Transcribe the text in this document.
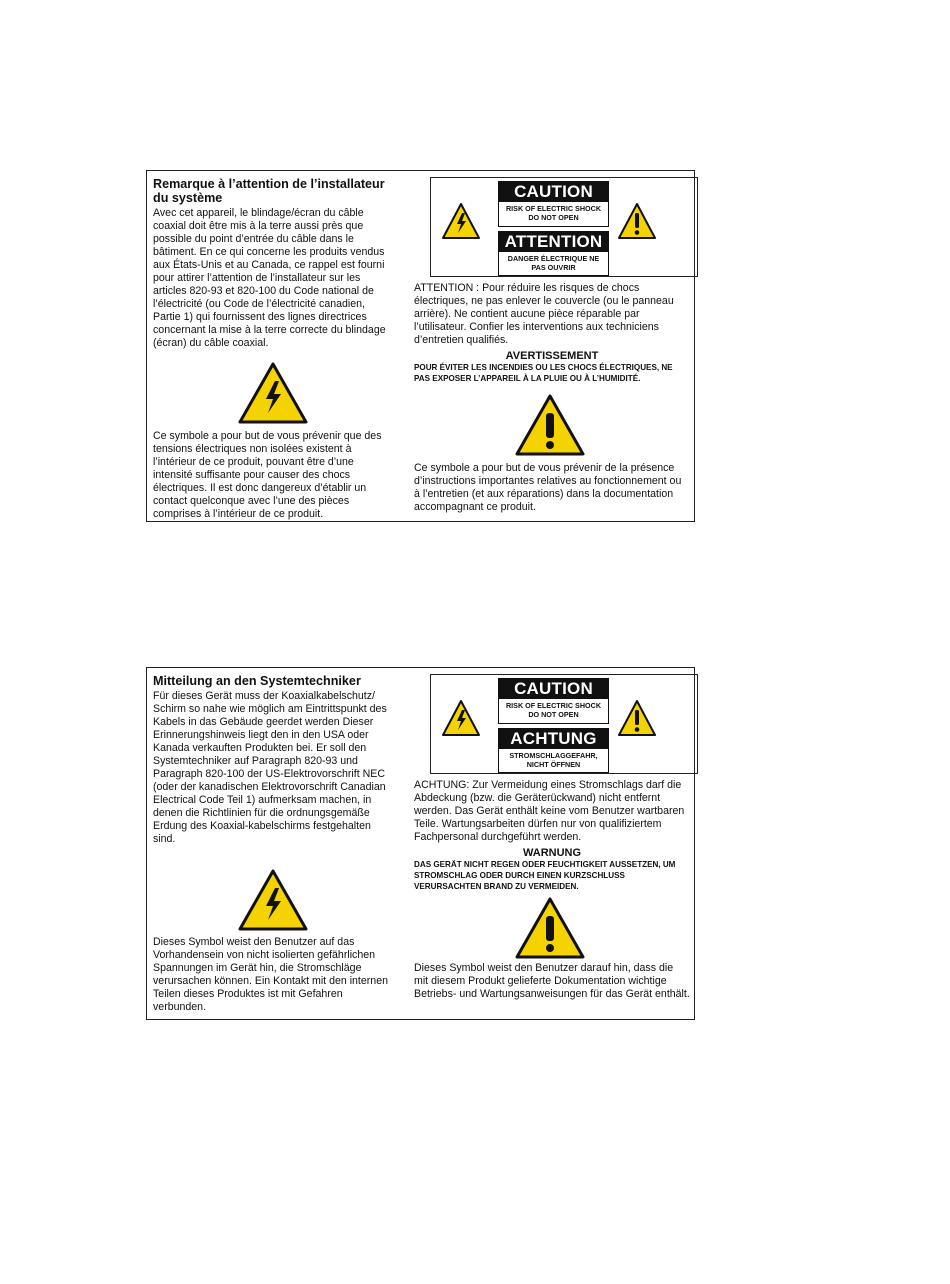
Remarque à l’attention de l’installateur du système
Avec cet appareil, le blindage/écran du câble coaxial doit être mis à la terre aussi près que possible du point d’entrée du câble dans le bâtiment. En ce qui concerne les produits vendus aux États-Unis et au Canada, ce rappel est fourni pour attirer l’attention de l’installateur sur les articles 820-93 et 820-100 du Code national de l’électricité (ou Code de l’électricité canadien, Partie 1) qui fournissent des lignes directrices concernant la mise à la terre correcte du blindage (écran) du câble coaxial.
Ce symbole a pour but de vous prévenir que des tensions électriques non isolées existent à l’intérieur de ce produit, pouvant être d’une intensité suffisante pour causer des chocs électriques. Il est donc dangereux d’établir un contact quelconque avec l’une des pièces comprises à l’intérieur de ce produit.
CAUTION
RISK OF ELECTRIC SHOCK DO NOT OPEN
ATTENTION
DANGER ÉLECTRIQUE NE PAS OUVRIR
ATTENTION : Pour réduire les risques de chocs électriques, ne pas enlever le couvercle (ou le panneau arrière). Ne contient aucune pièce réparable par l’utilisateur. Confier les interventions aux techniciens d’entretien qualifiés.
AVERTISSEMENT
POUR ÉVITER LES INCENDIES OU LES CHOCS ÉLECTRIQUES, NE PAS EXPOSER L’APPAREIL À LA PLUIE OU À L’HUMIDITÉ.
Ce symbole a pour but de vous prévenir de la présence d’instructions importantes relatives au fonctionnement ou à l’entretien (et aux réparations) dans la documentation accompagnant ce produit.
Mitteilung an den Systemtechniker
Für dieses Gerät muss der Koaxialkabelschutz/ Schirm so nahe wie möglich am Eintrittspunkt des Kabels in das Gebäude geerdet werden Dieser Erinnerungshinweis liegt den in den USA oder Kanada verkauften Produkten bei. Er soll den Systemtechniker auf Paragraph 820-93 und Paragraph 820-100 der US-Elektrovorschrift NEC (oder der kanadischen Elektrovorschrift Canadian Electrical Code Teil 1) aufmerksam machen, in denen die Richtlinien für die ordnungsgemäße Erdung des Koaxial-kabelschirms festgehalten sind.
Dieses Symbol weist den Benutzer auf das Vorhandensein von nicht isolierten gefährlichen Spannungen im Gerät hin, die Stromschläge verursachen können. Ein Kontakt mit den internen Teilen dieses Produktes ist mit Gefahren verbunden.
CAUTION
RISK OF ELECTRIC SHOCK DO NOT OPEN
ACHTUNG
STROMSCHLAGGEFAHR, NICHT ÖFFNEN
ACHTUNG: Zur Vermeidung eines Stromschlags darf die Abdeckung (bzw. die Geräterückwand) nicht entfernt werden. Das Gerät enthält keine vom Benutzer wartbaren Teile. Wartungsarbeiten dürfen nur von qualifiziertem Fachpersonal durchgeführt werden.
WARNUNG
DAS GERÄT NICHT REGEN ODER FEUCHTIGKEIT AUSSETZEN, UM STROMSCHLAG ODER DURCH EINEN KURZSCHLUSS VERURSACHTEN BRAND ZU VERMEIDEN.
Dieses Symbol weist den Benutzer darauf hin, dass die mit diesem Produkt gelieferte Dokumentation wichtige Betriebs- und Wartungsanweisungen für das Gerät enthält.
